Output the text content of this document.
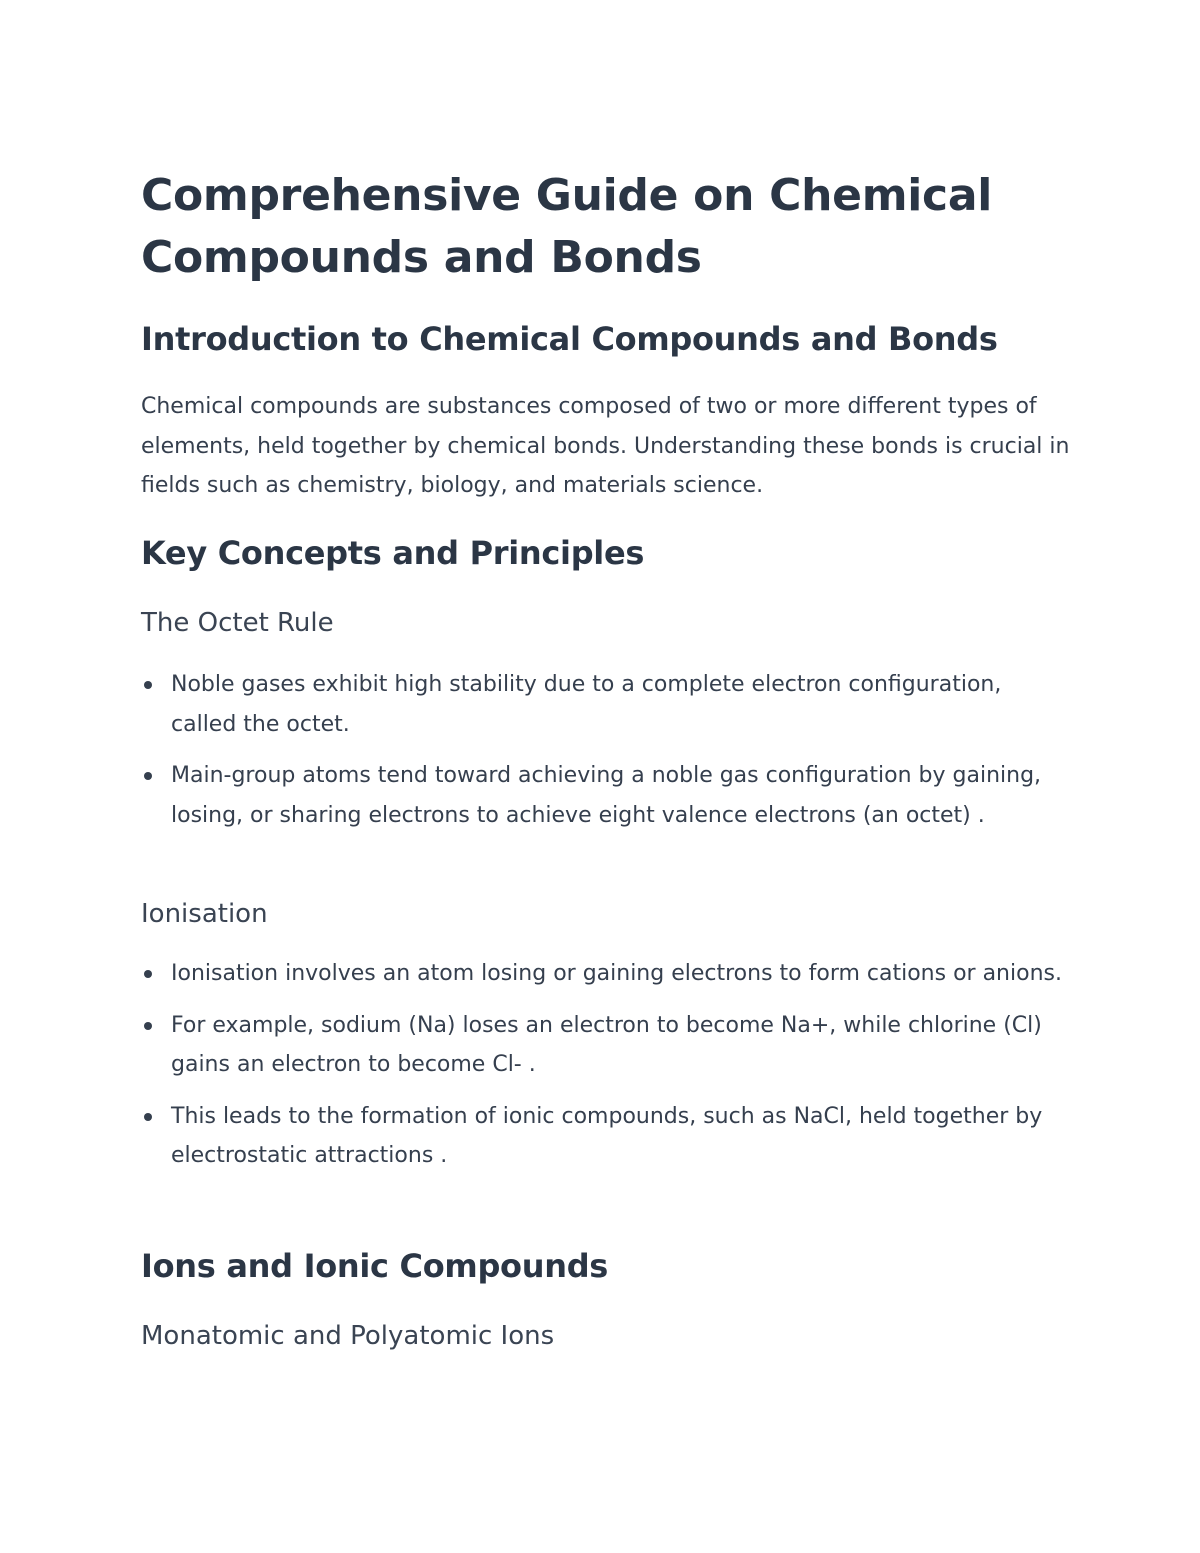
Comprehensive Guide on Chemical Compounds and Bonds
Introduction to Chemical Compounds and Bonds

Chemical compounds are substances composed of two or more different types of elements, held together by chemical bonds. Understanding these bonds is crucial in fields such as chemistry, biology, and materials science.

Key Concepts and Principles
The Octet Rule
Noble gases exhibit high stability due to a complete electron configuration, called the octet.
Main-group atoms tend toward achieving a noble gas configuration by gaining, losing, or sharing electrons to achieve eight valence electrons (an octet) .
Ionisation
Ionisation involves an atom losing or gaining electrons to form cations or anions.
For example, sodium (Na) loses an electron to become Na+, while chlorine (Cl) gains an electron to become Cl- .
This leads to the formation of ionic compounds, such as NaCl, held together by electrostatic attractions .
Ions and Ionic Compounds
Monatomic and Polyatomic Ions
